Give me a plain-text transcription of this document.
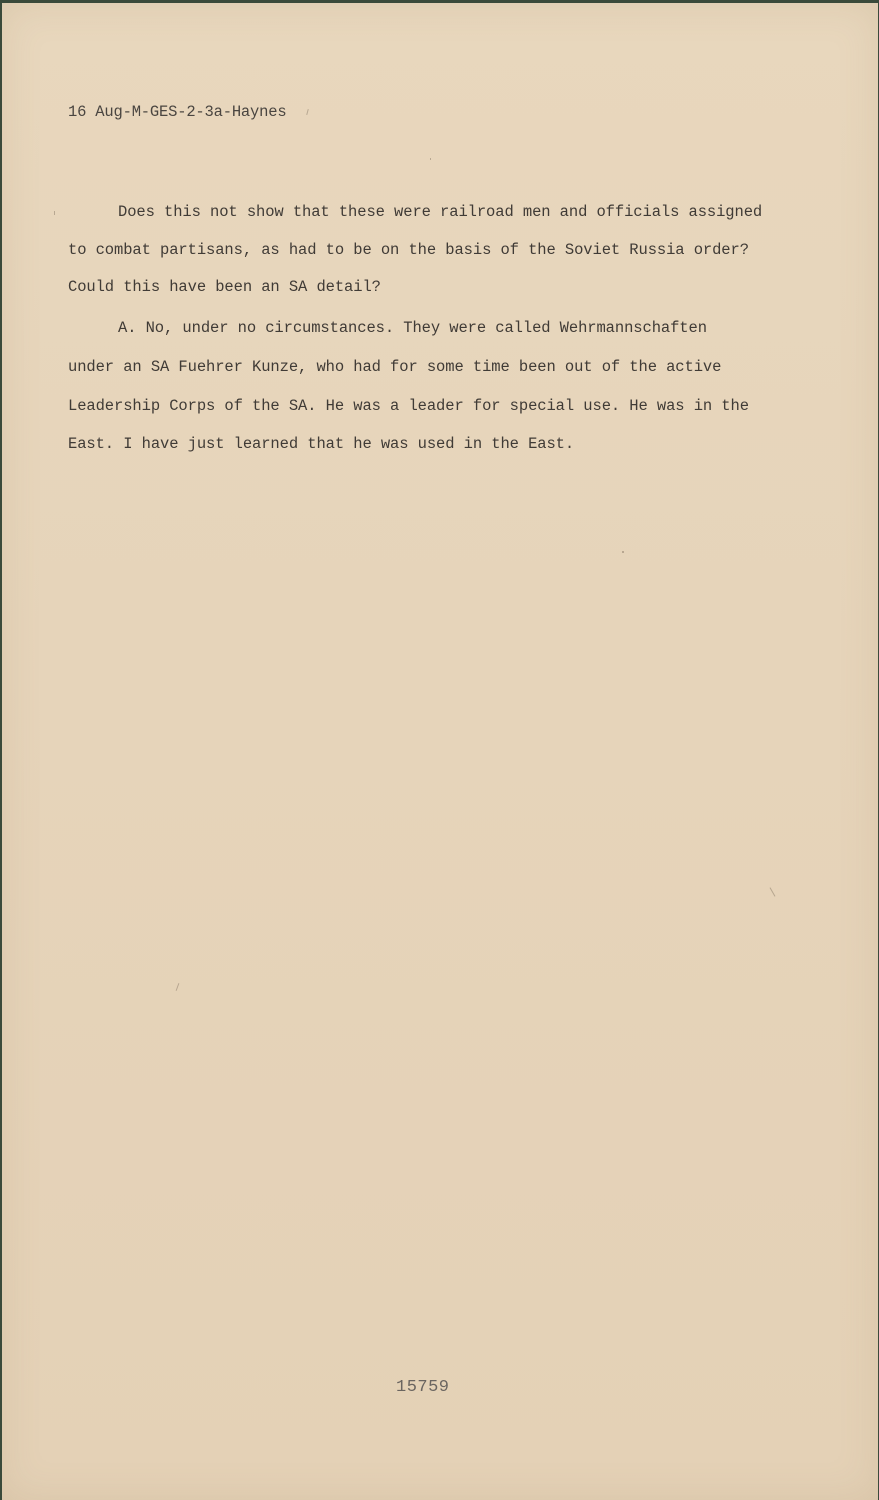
16 Aug-M-GES-2-3a-Haynes
Does this not show that these were railroad men and officials assigned
to combat partisans, as had to be on the basis of the Soviet Russia order?
Could this have been an SA detail?
A. No, under no circumstances. They were called Wehrmannschaften
under an SA Fuehrer Kunze, who had for some time been out of the active
Leadership Corps of the SA. He was a leader for special use. He was in the
East. I have just learned that he was used in the East.
15759
